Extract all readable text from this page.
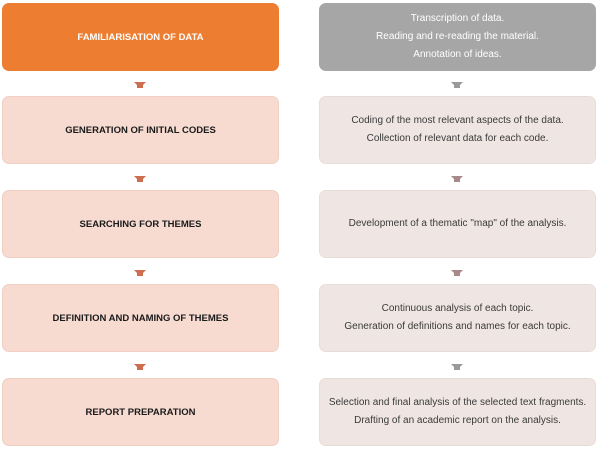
FAMILIARISATION OF DATA
Transcription of data.
Reading and re-reading the material.
Annotation of ideas.
GENERATION OF INITIAL CODES
Coding of the most relevant aspects of the data.
Collection of relevant data for each code.
SEARCHING FOR THEMES	Development of a thematic "map" of the analysis.
DEFINITION AND NAMING OF THEMES
Continuous analysis of each topic.
Generation of definitions and names for each topic.
REPORT PREPARATION
Selection and final analysis of the selected text fragments.
Drafting of an academic report on the analysis.
